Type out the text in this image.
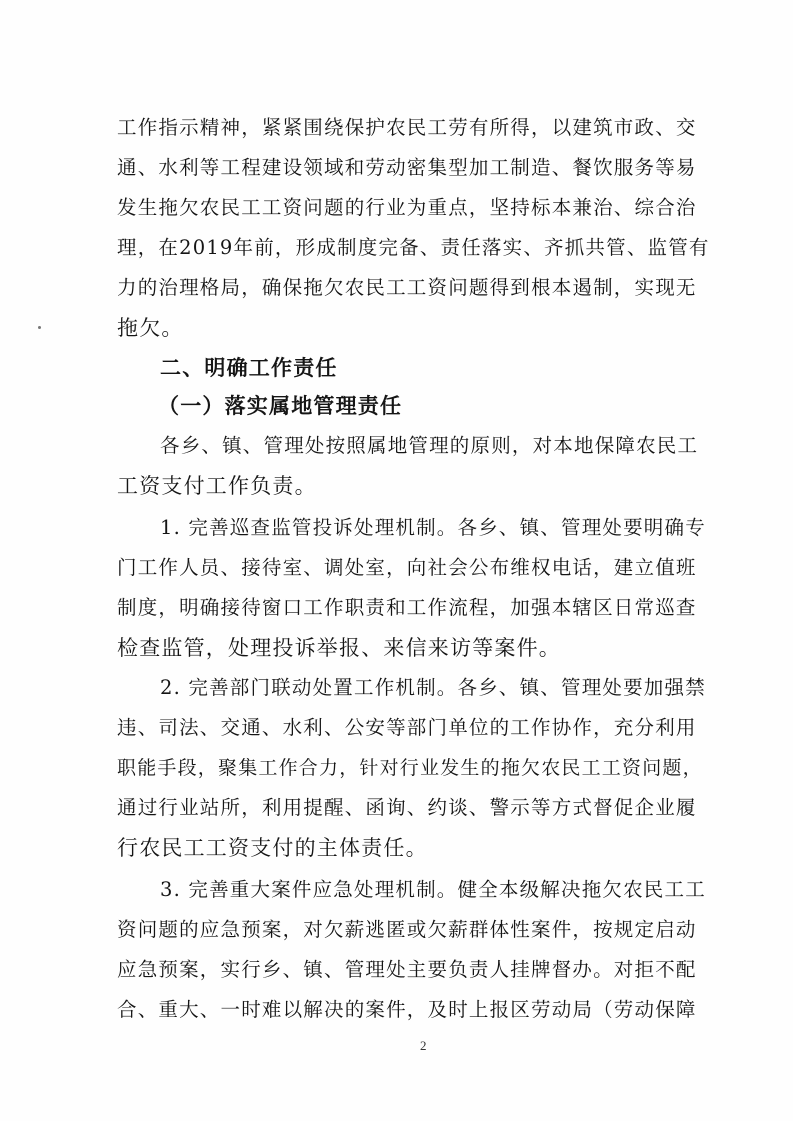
工作指示精神，紧紧围绕保护农民工劳有所得，以建筑市政、交
通、水利等工程建设领域和劳动密集型加工制造、餐饮服务等易
发生拖欠农民工工资问题的行业为重点，坚持标本兼治、综合治
理，在2019年前，形成制度完备、责任落实、齐抓共管、监管有
力的治理格局，确保拖欠农民工工资问题得到根本遏制，实现无
拖欠。
二、明确工作责任
（一）落实属地管理责任
各乡、镇、管理处按照属地管理的原则，对本地保障农民工
工资支付工作负责。
1. 完善巡查监管投诉处理机制。各乡、镇、管理处要明确专
门工作人员、接待室、调处室，向社会公布维权电话，建立值班
制度，明确接待窗口工作职责和工作流程，加强本辖区日常巡查
检查监管，处理投诉举报、来信来访等案件。
2. 完善部门联动处置工作机制。各乡、镇、管理处要加强禁
违、司法、交通、水利、公安等部门单位的工作协作，充分利用
职能手段，聚集工作合力，针对行业发生的拖欠农民工工资问题，
通过行业站所，利用提醒、函询、约谈、警示等方式督促企业履
行农民工工资支付的主体责任。
3. 完善重大案件应急处理机制。健全本级解决拖欠农民工工
资问题的应急预案，对欠薪逃匿或欠薪群体性案件，按规定启动
应急预案，实行乡、镇、管理处主要负责人挂牌督办。对拒不配
合、重大、一时难以解决的案件，及时上报区劳动局（劳动保障
2
